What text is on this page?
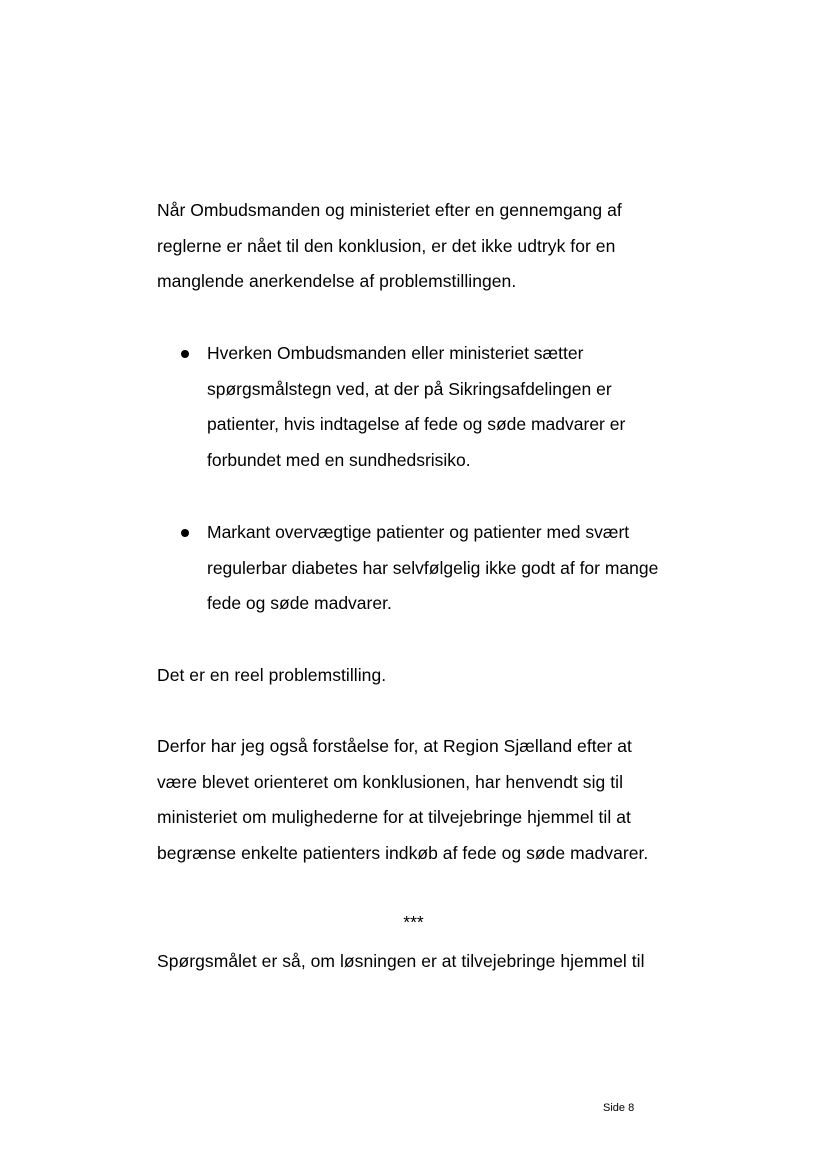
Når Ombudsmanden og ministeriet efter en gennemgang af
reglerne er nået til den konklusion, er det ikke udtryk for en
manglende anerkendelse af problemstillingen.

Hverken Ombudsmanden eller ministeriet sætter
spørgsmålstegn ved, at der på Sikringsafdelingen er
patienter, hvis indtagelse af fede og søde madvarer er
forbundet med en sundhedsrisiko.

Markant overvægtige patienter og patienter med svært
regulerbar diabetes har selvfølgelig ikke godt af for mange
fede og søde madvarer.

Det er en reel problemstilling.

Derfor har jeg også forståelse for, at Region Sjælland efter at
være blevet orienteret om konklusionen, har henvendt sig til
ministeriet om mulighederne for at tilvejebringe hjemmel til at
begrænse enkelte patienters indkøb af fede og søde madvarer.

***

Spørgsmålet er så, om løsningen er at tilvejebringe hjemmel til

Side 8
